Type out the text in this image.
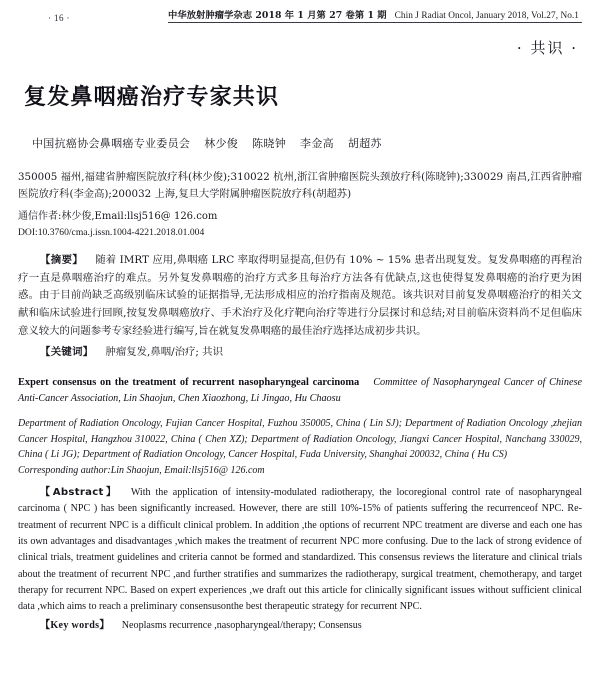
· 16 ·	中华放射肿瘤学杂志 2018 年 1 月第 27 卷第 1 期 Chin J Radiat Oncol, January 2018, Vol.27, No.1
· 共识 ·
复发鼻咽癌治疗专家共识
中国抗癌协会鼻咽癌专业委员会 林少俊 陈晓钟 李金高 胡超苏
350005 福州,福建省肿瘤医院放疗科(林少俊);310022 杭州,浙江省肿瘤医院头颈放疗科(陈晓钟);330029 南昌,江西省肿瘤医院放疗科(李金高);200032 上海,复旦大学附属肿瘤医院放疗科(胡超苏)
通信作者:林少俊,Email:llsj516@ 126.com
DOI:10.3760/cma.j.issn.1004-4221.2018.01.004
【摘要】 随着 IMRT 应用,鼻咽癌 LRC 率取得明显提高,但仍有 10% ~ 15% 患者出现复发。复发鼻咽癌的再程治疗一直是鼻咽癌治疗的难点。另外复发鼻咽癌的治疗方式多且每治疗方法各有优缺点,这也使得复发鼻咽癌的治疗更为困惑。由于目前尚缺乏高级别临床试验的证据指导,无法形成相应的治疗指南及规范。该共识对目前复发鼻咽癌治疗的相关文献和临床试验进行回顾,按复发鼻咽癌放疗、手术治疗及化疗靶向治疗等进行分层探讨和总结;对目前临床资料尚不足但临床意义较大的问题参考专家经验进行编写,旨在就复发鼻咽癌的最佳治疗选择达成初步共识。
【关键词】 肿瘤复发,鼻咽/治疗; 共识
Expert consensus on the treatment of recurrent nasopharyngeal carcinoma Committee of Nasopharyngeal Cancer of Chinese Anti-Cancer Association, Lin Shaojun, Chen Xiaozhong, Li Jingao, Hu Chaosu
Department of Radiation Oncology, Fujian Cancer Hospital, Fuzhou 350005, China ( Lin SJ); Department of Radiation Oncology ,zhejian Cancer Hospital, Hangzhou 310022, China ( Chen XZ); Department of Radiation Oncology, Jiangxi Cancer Hospital, Nanchang 330029, China ( Li JG); Department of Radiation Oncology, Cancer Hospital, Fuda University, Shanghai 200032, China ( Hu CS)
Corresponding author:Lin Shaojun, Email:llsj516@ 126.com
【Abstract】 With the application of intensity-modulated radiotherapy, the locoregional control rate of nasopharyngeal carcinoma ( NPC ) has been significantly increased. However, there are still 10%-15% of patients suffering the recurrenceof NPC. Re-treatment of recurrent NPC is a difficult clinical problem. In addition ,the options of recurrent NPC treatment are diverse and each one has its own advantages and disadvantages ,which makes the treatment of recurrent NPC more confusing. Due to the lack of strong evidence of clinical trials, treatment guidelines and criteria cannot be formed and standardized. This consensus reviews the literature and clinical trials about the treatment of recurrent NPC ,and further stratifies and summarizes the radiotherapy, surgical treatment, chemotherapy, and target therapy for recurrent NPC. Based on expert experiences ,we draft out this article for clinically significant issues without sufficient clinical data ,which aims to reach a preliminary consensusonthe best therapeutic strategy for recurrent NPC.
【Key words】 Neoplasms recurrence ,nasopharyngeal/therapy; Consensus
